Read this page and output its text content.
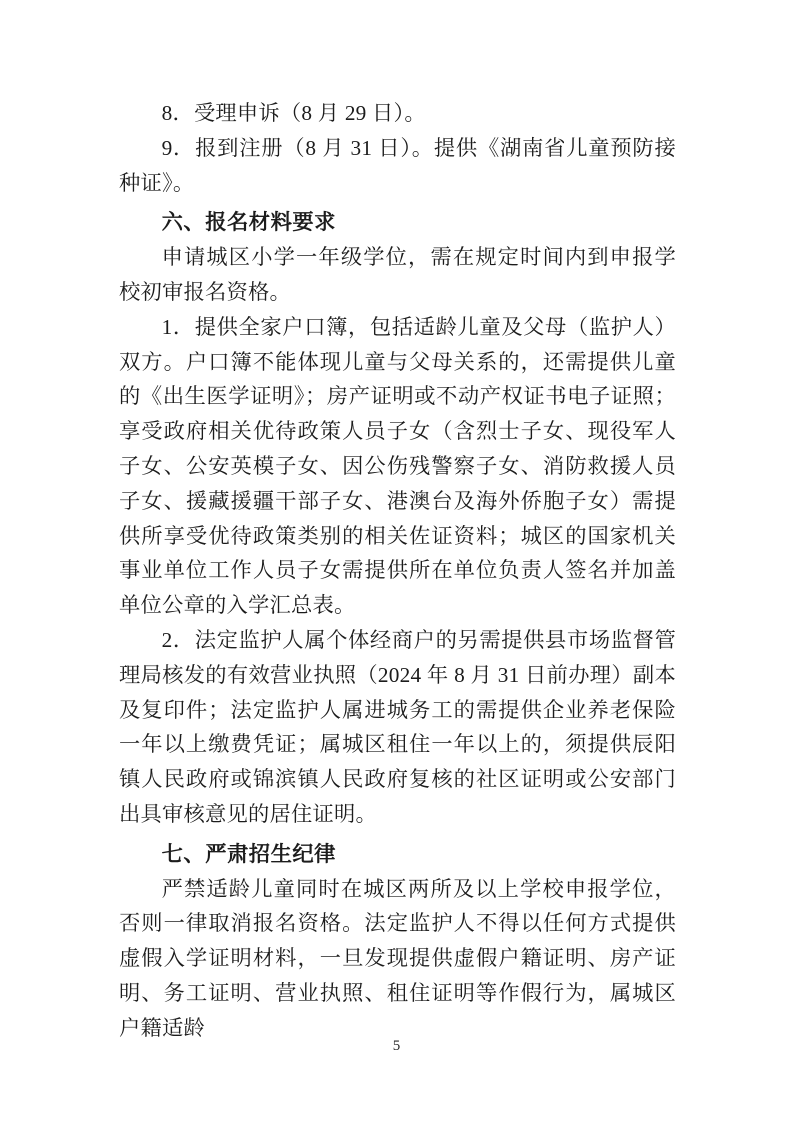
8．受理申诉（8 月 29 日）。

9．报到注册（8 月 31 日）。提供《湖南省儿童预防接种证》。

六、报名材料要求

申请城区小学一年级学位，需在规定时间内到申报学校初审报名资格。

1．提供全家户口簿，包括适龄儿童及父母（监护人）双方。户口簿不能体现儿童与父母关系的，还需提供儿童的《出生医学证明》；房产证明或不动产权证书电子证照；享受政府相关优待政策人员子女（含烈士子女、现役军人子女、公安英模子女、因公伤残警察子女、消防救援人员子女、援藏援疆干部子女、港澳台及海外侨胞子女）需提供所享受优待政策类别的相关佐证资料；城区的国家机关事业单位工作人员子女需提供所在单位负责人签名并加盖单位公章的入学汇总表。

2．法定监护人属个体经商户的另需提供县市场监督管理局核发的有效营业执照（2024 年 8 月 31 日前办理）副本及复印件；法定监护人属进城务工的需提供企业养老保险一年以上缴费凭证；属城区租住一年以上的，须提供辰阳镇人民政府或锦滨镇人民政府复核的社区证明或公安部门出具审核意见的居住证明。

七、严肃招生纪律

严禁适龄儿童同时在城区两所及以上学校申报学位，否则一律取消报名资格。法定监护人不得以任何方式提供虚假入学证明材料，一旦发现提供虚假户籍证明、房产证明、务工证明、营业执照、租住证明等作假行为，属城区户籍适龄

5
